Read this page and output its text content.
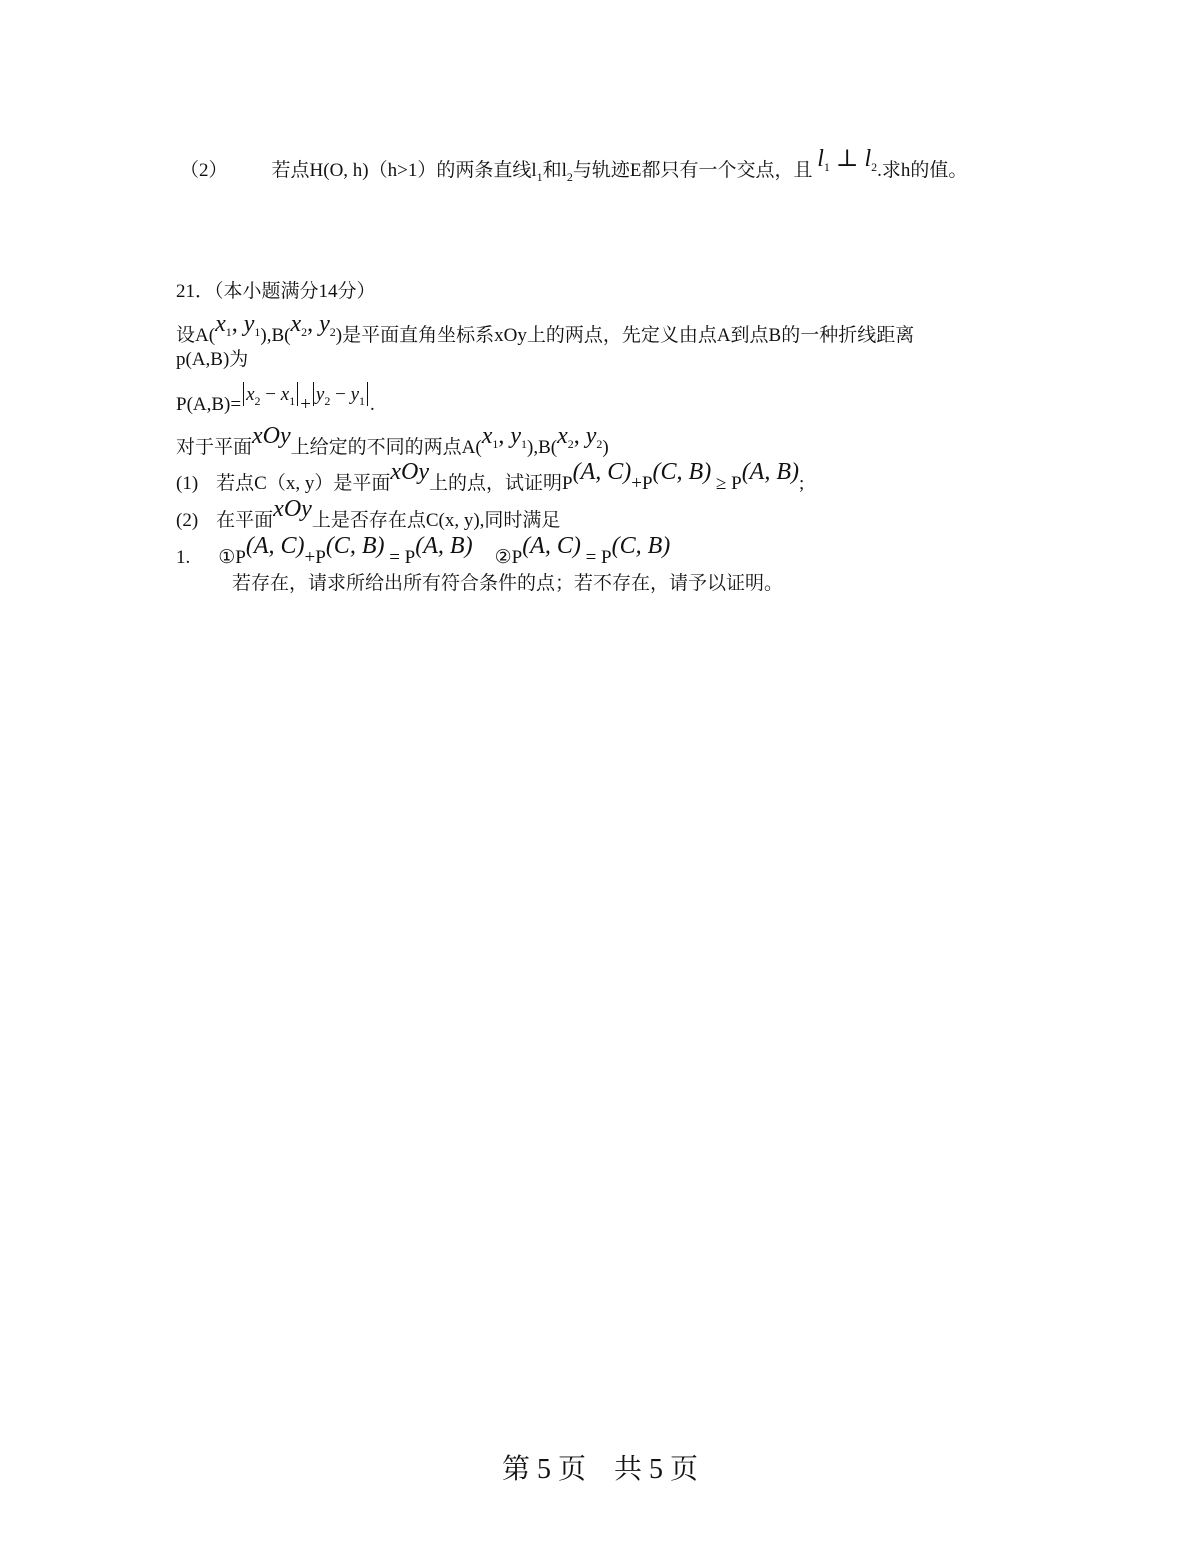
（2） 若点H(O, h)（h>1）的两条直线$l_1$和$l_2$与轨迹E都只有一个交点，且 $l_1$ ⊥ $l_2$.求h的值。
21．（本小题满分14分）
设$A(x_1$, $y_1),B(x_2$, $y_2$)是平面直角坐标系xOy上的两点，先定义由点A到点B的一种折线距离
p(A,B)为
$P(A,B)= x_2 - x_1 + y_2 - y_1$ .
对于平面xOy上给定的不同的两点$A(x_1$, $y_1),B(x_2$, $y_2$)
(1) 若点C（x, y）是平面xOy上的点，试证明P(A, C)+P(C, B) ≥ P(A, B);
(2) 在平面xOy上是否存在点C(x, y),同时满足
1. ①P(A, C)+P(C, B) = P(A, B) ②P(A, C) = P(C, B)
若存在，请求所给出所有符合条件的点；若不存在，请予以证明。
第 5 页　共 5 页
